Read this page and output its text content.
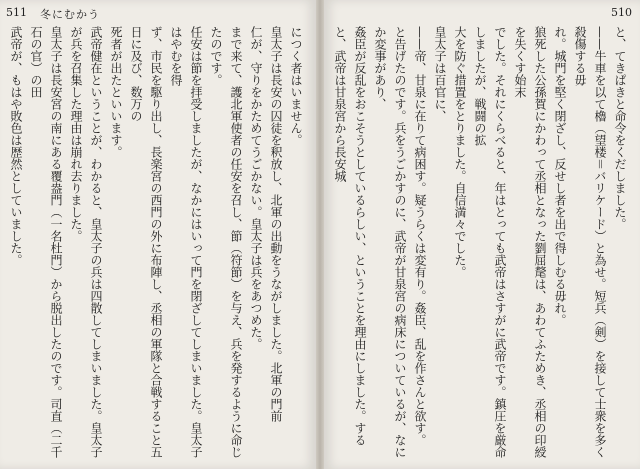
511 冬にむかう
につく者はいません。
皇太子は長安の囚徒を釈放し、北軍の出動をうながしました。北軍の門前
仁が、守りをかためてうごかない。皇太子は兵をあつめた。
まで来て、護北軍使者の任安を召し、節（符節）を与え、兵を発するように命じたのです。
任安は節を拝受しましたが、なかにはいって門を閉ざしてしまいました。皇太子はやむを得
ず、市民を駆り出し、長楽宮の西門の外に布陣し、丞相の軍隊と合戦すること五日に及び、数万の
死者が出たといいます。
武帝健在ということが、わかると、皇太子の兵は四散してしまいました。皇太子が兵を召集した理由は崩れ去りました。
皇太子は長安宮の南にある覆盎門（一名杜門）から脱出したのです。司直（二千石の官）の田
武帝が、もはや敗色は歴然としていました。

510
と、てきぱきと命令をくだしました。
——牛車を以て櫓（望楼＝バリケード）と為せ。短兵（剣）を接して士衆を多く殺傷する毋
れ。城門を堅く閉ざし、反せし者を出で得しむる毋れ。
狼死した公孫賀にかわって丞相となった劉屈氂は、あわてふためき、丞相の印綬を失くす始末
でした。それにくらべると、年はとっても武帝はさすがに武帝です。鎮圧を厳命しましたが、戦闘の拡
大を防ぐ措置をとりました。自信満々でした。
皇太子は百官に、
——帝、甘泉に在りて病困す。疑うらくは変有り。姦臣、乱を作さんと欲す。
と告げたのです。兵をうごかすのに、武帝が甘泉宮の病床についているが、なにか変事があり、
姦臣が反乱をおこそうとしているらしい、ということを理由にしました。すると、武帝は甘泉宮から長安城
